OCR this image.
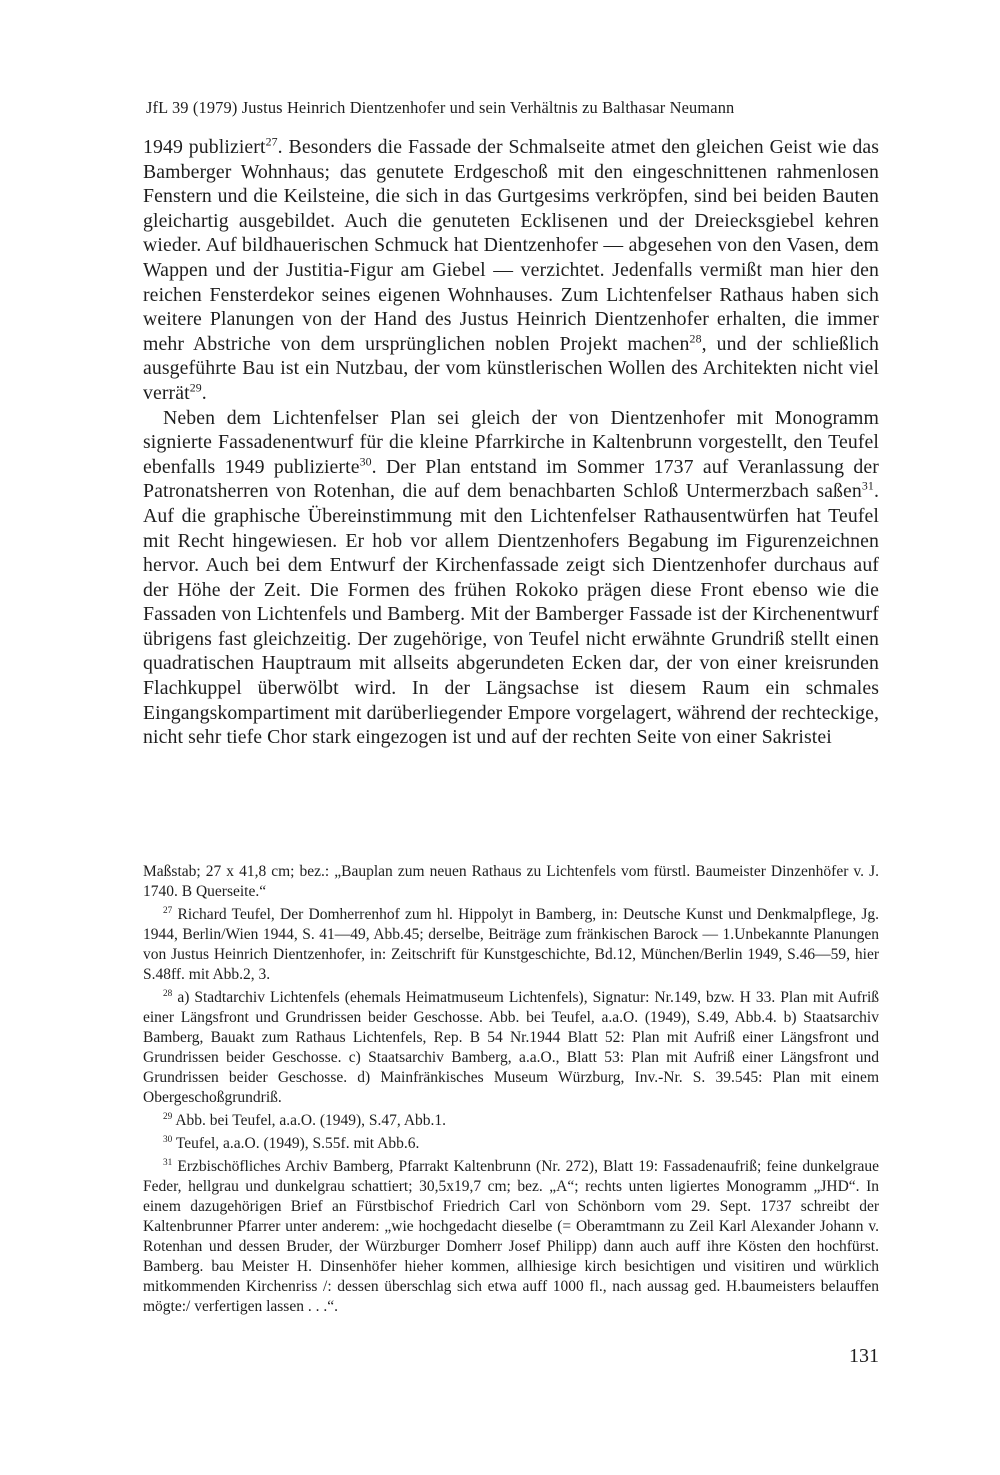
JfL 39 (1979) Justus Heinrich Dientzenhofer und sein Verhältnis zu Balthasar Neumann

1949 publiziert$^{27}$. Besonders die Fassade der Schmalseite atmet den gleichen Geist wie das Bamberger Wohnhaus; das genutete Erdgeschoß mit den eingeschnittenen rahmenlosen Fenstern und die Keilsteine, die sich in das Gurtgesims verkröpfen, sind bei beiden Bauten gleichartig ausgebildet. Auch die genuteten Ecklisenen und der Dreiecksgiebel kehren wieder. Auf bildhauerischen Schmuck hat Dientzenhofer — abgesehen von den Vasen, dem Wappen und der Justitia-Figur am Giebel — verzichtet. Jedenfalls vermißt man hier den reichen Fensterdekor seines eigenen Wohnhauses. Zum Lichtenfelser Rathaus haben sich weitere Planungen von der Hand des Justus Heinrich Dientzenhofer erhalten, die immer mehr Abstriche von dem ursprünglichen noblen Projekt machen$^{28}$, und der schließlich ausgeführte Bau ist ein Nutzbau, der vom künstlerischen Wollen des Architekten nicht viel verrät$^{29}$.

Neben dem Lichtenfelser Plan sei gleich der von Dientzenhofer mit Monogramm signierte Fassadenentwurf für die kleine Pfarrkirche in Kaltenbrunn vorgestellt, den Teufel ebenfalls 1949 publizierte$^{30}$. Der Plan entstand im Sommer 1737 auf Veranlassung der Patronatsherren von Rotenhan, die auf dem benachbarten Schloß Untermerzbach saßen$^{31}$. Auf die graphische Übereinstimmung mit den Lichtenfelser Rathausentwürfen hat Teufel mit Recht hingewiesen. Er hob vor allem Dientzenhofers Begabung im Figurenzeichnen hervor. Auch bei dem Entwurf der Kirchenfassade zeigt sich Dientzenhofer durchaus auf der Höhe der Zeit. Die Formen des frühen Rokoko prägen diese Front ebenso wie die Fassaden von Lichtenfels und Bamberg. Mit der Bamberger Fassade ist der Kirchenentwurf übrigens fast gleichzeitig. Der zugehörige, von Teufel nicht erwähnte Grundriß stellt einen quadratischen Hauptraum mit allseits abgerundeten Ecken dar, der von einer kreisrunden Flachkuppel überwölbt wird. In der Längsachse ist diesem Raum ein schmales Eingangskompartiment mit darüberliegender Empore vorgelagert, während der rechteckige, nicht sehr tiefe Chor stark eingezogen ist und auf der rechten Seite von einer Sakristei

Maßstab; 27 x 41,8 cm; bez.: „Bauplan zum neuen Rathaus zu Lichtenfels vom fürstl. Baumeister Dinzenhöfer v. J. 1740. B Querseite.“

$^{27}$ Richard Teufel, Der Domherrenhof zum hl. Hippolyt in Bamberg, in: Deutsche Kunst und Denkmalpflege, Jg. 1944, Berlin/Wien 1944, S. 41—49, Abb.45; derselbe, Beiträge zum fränkischen Barock — 1.Unbekannte Planungen von Justus Heinrich Dientzenhofer, in: Zeitschrift für Kunstgeschichte, Bd.12, München/Berlin 1949, S.46—59, hier S.48ff. mit Abb.2, 3.

$^{28}$ a) Stadtarchiv Lichtenfels (ehemals Heimatmuseum Lichtenfels), Signatur: Nr.149, bzw. H 33. Plan mit Aufriß einer Längsfront und Grundrissen beider Geschosse. Abb. bei Teufel, a.a.O. (1949), S.49, Abb.4. b) Staatsarchiv Bamberg, Bauakt zum Rathaus Lichtenfels, Rep. B 54 Nr.1944 Blatt 52: Plan mit Aufriß einer Längsfront und Grundrissen beider Geschosse. c) Staatsarchiv Bamberg, a.a.O., Blatt 53: Plan mit Aufriß einer Längsfront und Grundrissen beider Geschosse. d) Mainfränkisches Museum Würzburg, Inv.-Nr. S. 39.545: Plan mit einem Obergeschoßgrundriß.

$^{29}$ Abb. bei Teufel, a.a.O. (1949), S.47, Abb.1.

$^{30}$ Teufel, a.a.O. (1949), S.55f. mit Abb.6.

$^{31}$ Erzbischöfliches Archiv Bamberg, Pfarrakt Kaltenbrunn (Nr. 272), Blatt 19: Fassadenaufriß; feine dunkelgraue Feder, hellgrau und dunkelgrau schattiert; 30,5x19,7 cm; bez. „A“; rechts unten ligiertes Monogramm „JHD“. In einem dazugehörigen Brief an Fürstbischof Friedrich Carl von Schönborn vom 29. Sept. 1737 schreibt der Kaltenbrunner Pfarrer unter anderem: „wie hochgedacht dieselbe (= Oberamtmann zu Zeil Karl Alexander Johann v. Rotenhan und dessen Bruder, der Würzburger Domherr Josef Philipp) dann auch auff ihre Kösten den hochfürst. Bamberg. bau Meister H. Dinsenhöfer hieher kommen, allhiesige kirch besichtigen und visitiren und würklich mitkommenden Kirchenriss /: dessen überschlag sich etwa auff 1000 fl., nach aussag ged. H.baumeisters belauffen mögte:/ verfertigen lassen . . .“.

131
